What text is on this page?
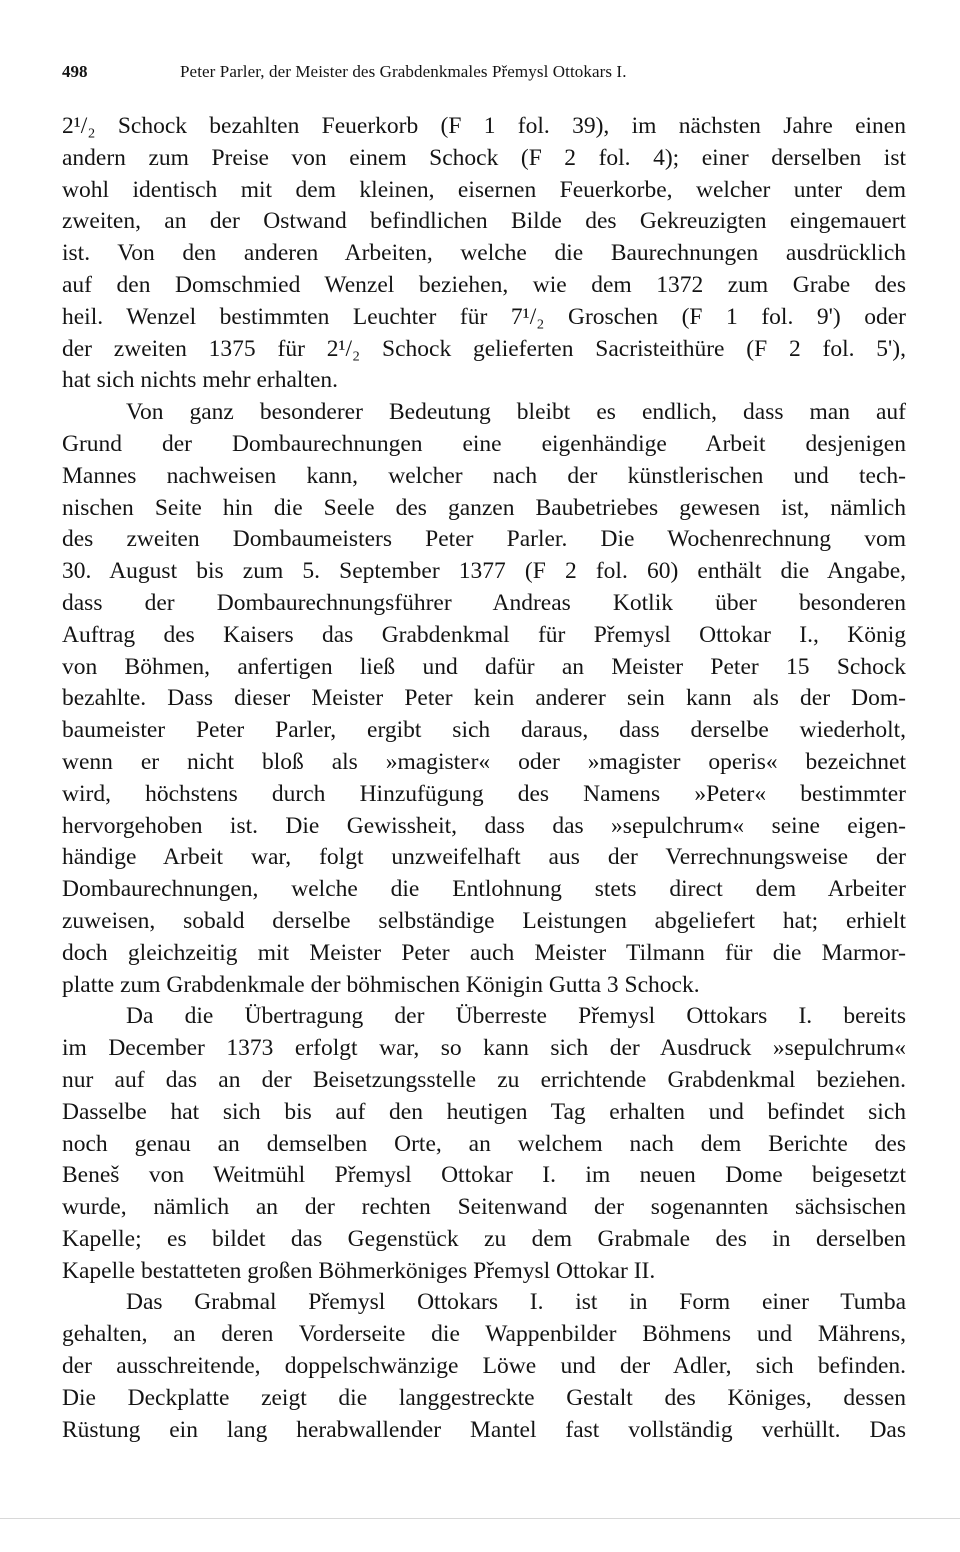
498	Peter Parler, der Meister des Grabdenkmales Přemysl Ottokars I.
2¹/₂ Schock bezahlten Feuerkorb (F 1 fol. 39), im nächsten Jahre einen
andern zum Preise von einem Schock (F 2 fol. 4); einer derselben ist
wohl identisch mit dem kleinen, eisernen Feuerkorbe, welcher unter dem
zweiten, an der Ostwand befindlichen Bilde des Gekreuzigten eingemauert
ist. Von den anderen Arbeiten, welche die Baurechnungen ausdrücklich
auf den Domschmied Wenzel beziehen, wie dem 1372 zum Grabe des
heil. Wenzel bestimmten Leuchter für 7¹/₂ Groschen (F 1 fol. 9') oder
der zweiten 1375 für 2¹/₂ Schock gelieferten Sacristeithüre (F 2 fol. 5'),
hat sich nichts mehr erhalten.
Von ganz besonderer Bedeutung bleibt es endlich, dass man auf
Grund der Dombaurechnungen eine eigenhändige Arbeit desjenigen
Mannes nachweisen kann, welcher nach der künstlerischen und tech-
nischen Seite hin die Seele des ganzen Baubetriebes gewesen ist, nämlich
des zweiten Dombaumeisters Peter Parler. Die Wochenrechnung vom
30. August bis zum 5. September 1377 (F 2 fol. 60) enthält die Angabe,
dass der Dombaurechnungsführer Andreas Kotlik über besonderen
Auftrag des Kaisers das Grabdenkmal für Přemysl Ottokar I., König
von Böhmen, anfertigen ließ und dafür an Meister Peter 15 Schock
bezahlte. Dass dieser Meister Peter kein anderer sein kann als der Dom-
baumeister Peter Parler, ergibt sich daraus, dass derselbe wiederholt,
wenn er nicht bloß als »magister« oder »magister operis« bezeichnet
wird, höchstens durch Hinzufügung des Namens »Peter« bestimmter
hervorgehoben ist. Die Gewissheit, dass das »sepulchrum« seine eigen-
händige Arbeit war, folgt unzweifelhaft aus der Verrechnungsweise der
Dombaurechnungen, welche die Entlohnung stets direct dem Arbeiter
zuweisen, sobald derselbe selbständige Leistungen abgeliefert hat; erhielt
doch gleichzeitig mit Meister Peter auch Meister Tilmann für die Marmor-
platte zum Grabdenkmale der böhmischen Königin Gutta 3 Schock.
Da die Übertragung der Überreste Přemysl Ottokars I. bereits
im December 1373 erfolgt war, so kann sich der Ausdruck »sepulchrum«
nur auf das an der Beisetzungsstelle zu errichtende Grabdenkmal beziehen.
Dasselbe hat sich bis auf den heutigen Tag erhalten und befindet sich
noch genau an demselben Orte, an welchem nach dem Berichte des
Beneš von Weitmühl Přemysl Ottokar I. im neuen Dome beigesetzt
wurde, nämlich an der rechten Seitenwand der sogenannten sächsischen
Kapelle; es bildet das Gegenstück zu dem Grabmale des in derselben
Kapelle bestatteten großen Böhmerköniges Přemysl Ottokar II.
Das Grabmal Přemysl Ottokars I. ist in Form einer Tumba
gehalten, an deren Vorderseite die Wappenbilder Böhmens und Mährens,
der ausschreitende, doppelschwänzige Löwe und der Adler, sich befinden.
Die Deckplatte zeigt die langgestreckte Gestalt des Königes, dessen
Rüstung ein lang herabwallender Mantel fast vollständig verhüllt. Das
